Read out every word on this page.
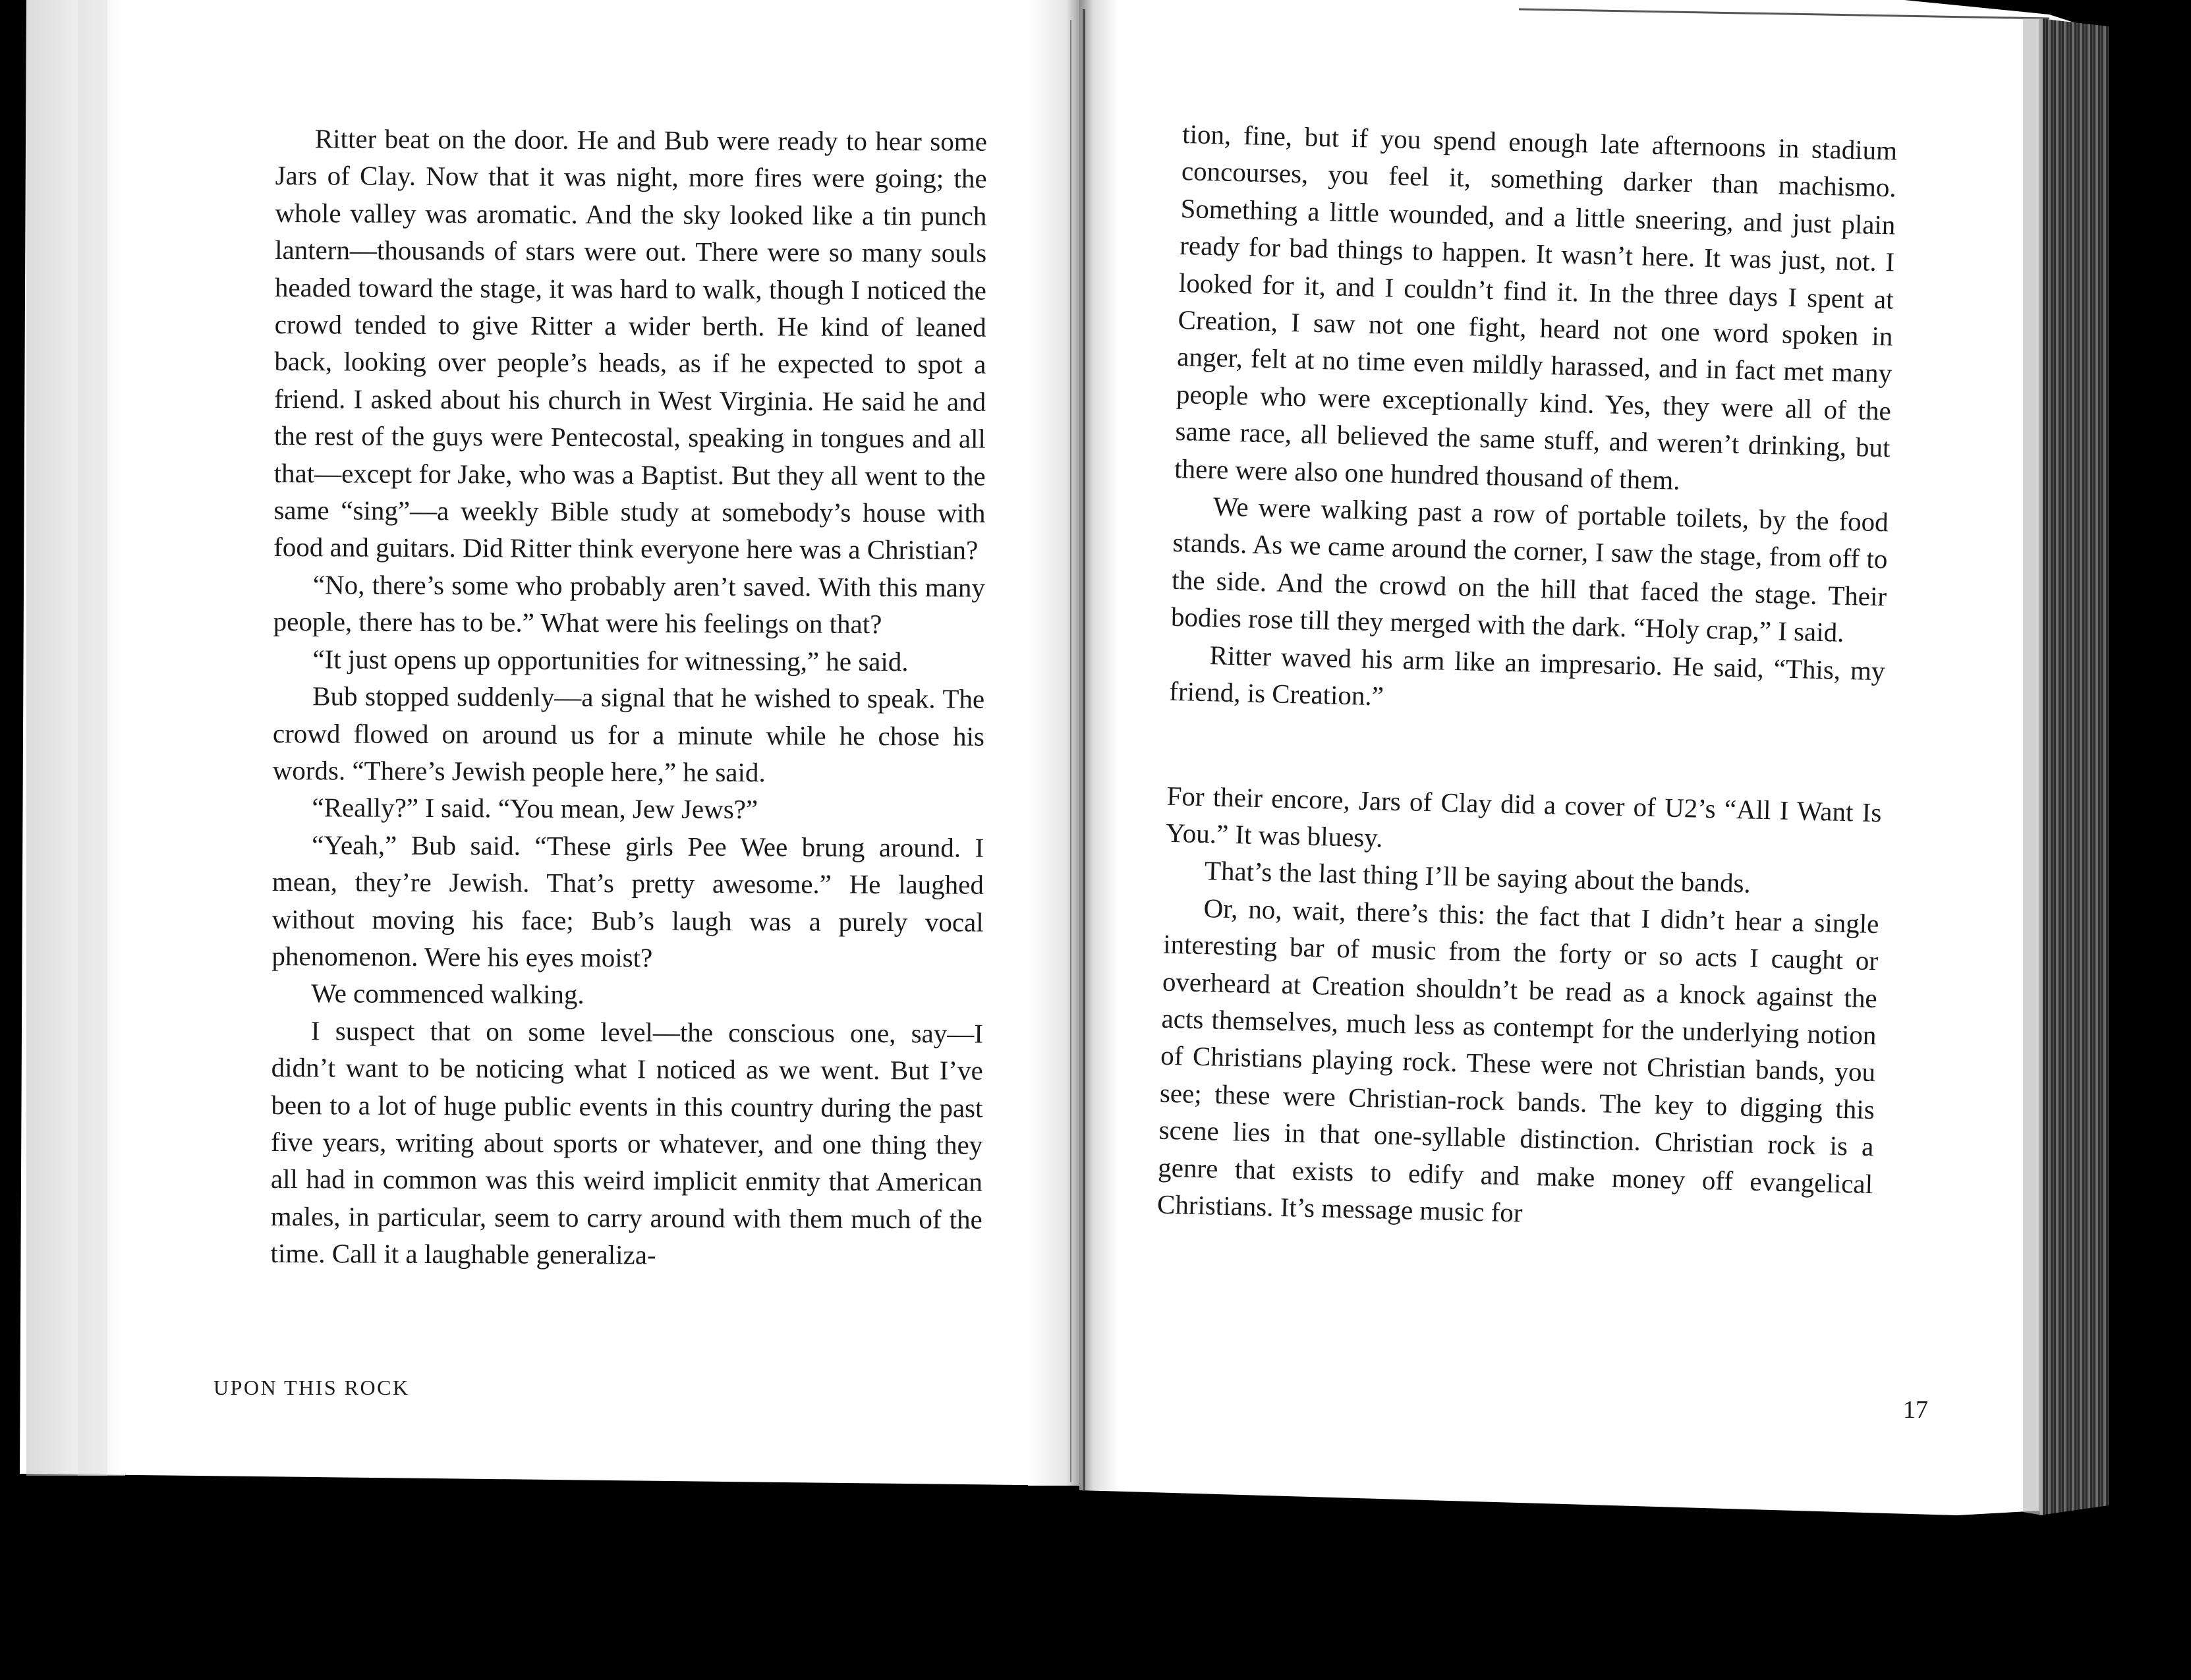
Ritter beat on the door. He and Bub were ready to hear some Jars of Clay. Now that it was night, more fires were going; the whole valley was aromatic. And the sky looked like a tin punch lantern—thousands of stars were out. There were so many souls headed toward the stage, it was hard to walk, though I noticed the crowd tended to give Ritter a wider berth. He kind of leaned back, looking over people’s heads, as if he expected to spot a friend. I asked about his church in West Virginia. He said he and the rest of the guys were Pentecostal, speaking in tongues and all that—except for Jake, who was a Baptist. But they all went to the same “sing”—a weekly Bible study at somebody’s house with food and guitars. Did Ritter think everyone here was a Christian?

“No, there’s some who probably aren’t saved. With this many people, there has to be.” What were his feelings on that?

“It just opens up opportunities for witnessing,” he said.

Bub stopped suddenly—a signal that he wished to speak. The crowd flowed on around us for a minute while he chose his words. “There’s Jewish people here,” he said.

“Really?” I said. “You mean, Jew Jews?”

“Yeah,” Bub said. “These girls Pee Wee brung around. I mean, they’re Jewish. That’s pretty awesome.” He laughed without moving his face; Bub’s laugh was a purely vocal phenomenon. Were his eyes moist?

We commenced walking.

I suspect that on some level—the conscious one, say—I didn’t want to be noticing what I noticed as we went. But I’ve been to a lot of huge public events in this country during the past five years, writing about sports or whatever, and one thing they all had in common was this weird implicit enmity that American males, in particular, seem to carry around with them much of the time. Call it a laughable generaliza-

UPON THIS ROCK

tion, fine, but if you spend enough late afternoons in stadium concourses, you feel it, something darker than machismo. Something a little wounded, and a little sneering, and just plain ready for bad things to happen. It wasn’t here. It was just, not. I looked for it, and I couldn’t find it. In the three days I spent at Creation, I saw not one fight, heard not one word spoken in anger, felt at no time even mildly harassed, and in fact met many people who were exceptionally kind. Yes, they were all of the same race, all believed the same stuff, and weren’t drinking, but there were also one hundred thousand of them.

We were walking past a row of portable toilets, by the food stands. As we came around the corner, I saw the stage, from off to the side. And the crowd on the hill that faced the stage. Their bodies rose till they merged with the dark. “Holy crap,” I said.

Ritter waved his arm like an impresario. He said, “This, my friend, is Creation.”

For their encore, Jars of Clay did a cover of U2’s “All I Want Is You.” It was bluesy.

That’s the last thing I’ll be saying about the bands.

Or, no, wait, there’s this: the fact that I didn’t hear a single interesting bar of music from the forty or so acts I caught or overheard at Creation shouldn’t be read as a knock against the acts themselves, much less as contempt for the underlying notion of Christians playing rock. These were not Christian bands, you see; these were Christian-rock bands. The key to digging this scene lies in that one-syllable distinction. Christian rock is a genre that exists to edify and make money off evangelical Christians. It’s message music for

17
